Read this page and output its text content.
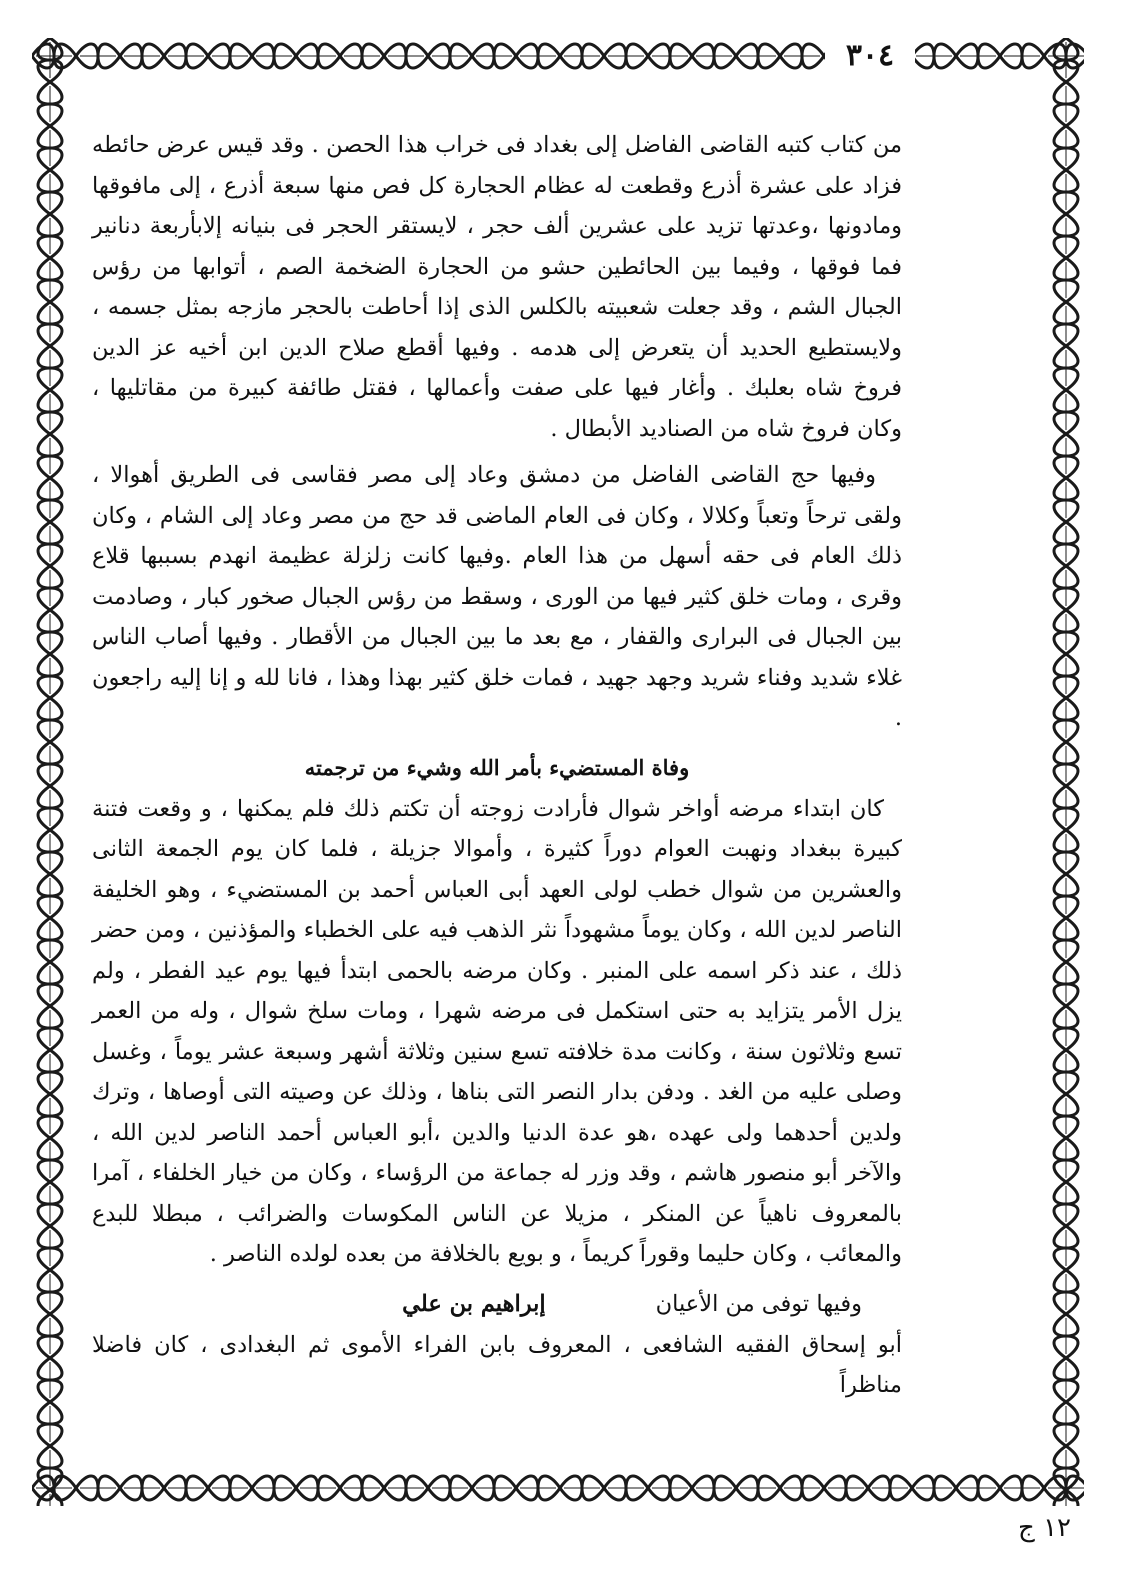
٣٠٤

من كتاب كتبه القاضى الفاضل إلى بغداد فى خراب هذا الحصن . وقد قيس عرض حائطه فزاد على عشرة أذرع وقطعت له عظام الحجارة كل فص منها سبعة أذرع ، إلى مافوقها ومادونها ،وعدتها تزيد على عشرين ألف حجر ، لايستقر الحجر فى بنيانه إلابأربعة دنانير فما فوقها ، وفيما بين الحائطين حشو من الحجارة الضخمة الصم ، أتوابها من رؤس الجبال الشم ، وقد جعلت شعبيته بالكلس الذى إذا أحاطت بالحجر مازجه بمثل جسمه ، ولايستطيع الحديد أن يتعرض إلى هدمه . وفيها أقطع صلاح الدين ابن أخيه عز الدين فروخ شاه بعلبك . وأغار فيها على صفت وأعمالها ، فقتل طائفة كبيرة من مقاتليها ، وكان فروخ شاه من الصناديد الأبطال .

وفيها حج القاضى الفاضل من دمشق وعاد إلى مصر فقاسى فى الطريق أهوالا ، ولقى ترحاً وتعباً وكلالا ، وكان فى العام الماضى قد حج من مصر وعاد إلى الشام ، وكان ذلك العام فى حقه أسهل من هذا العام .وفيها كانت زلزلة عظيمة انهدم بسببها قلاع وقرى ، ومات خلق كثير فيها من الورى ، وسقط من رؤس الجبال صخور كبار ، وصادمت بين الجبال فى البرارى والقفار ، مع بعد ما بين الجبال من الأقطار . وفيها أصاب الناس غلاء شديد وفناء شريد وجهد جهيد ، فمات خلق كثير بهذا وهذا ، فانا لله و إنا إليه راجعون .

وفاة المستضيء بأمر الله وشيء من ترجمته

كان ابتداء مرضه أواخر شوال فأرادت زوجته أن تكتم ذلك فلم يمكنها ، و وقعت فتنة كبيرة ببغداد ونهبت العوام دوراً كثيرة ، وأموالا جزيلة ، فلما كان يوم الجمعة الثانى والعشرين من شوال خطب لولى العهد أبى العباس أحمد بن المستضيء ، وهو الخليفة الناصر لدين الله ، وكان يوماً مشهوداً نثر الذهب فيه على الخطباء والمؤذنين ، ومن حضر ذلك ، عند ذكر اسمه على المنبر . وكان مرضه بالحمى ابتدأ فيها يوم عيد الفطر ، ولم يزل الأمر يتزايد به حتى استكمل فى مرضه شهرا ، ومات سلخ شوال ، وله من العمر تسع وثلاثون سنة ، وكانت مدة خلافته تسع سنين وثلاثة أشهر وسبعة عشر يوماً ، وغسل وصلى عليه من الغد . ودفن بدار النصر التى بناها ، وذلك عن وصيته التى أوصاها ، وترك ولدين أحدهما ولى عهده ،هو عدة الدنيا والدين ،أبو العباس أحمد الناصر لدين الله ، والآخر أبو منصور هاشم ، وقد وزر له جماعة من الرؤساء ، وكان من خيار الخلفاء ، آمرا بالمعروف ناهياً عن المنكر ، مزيلا عن الناس المكوسات والضرائب ، مبطلا للبدع والمعائب ، وكان حليما وقوراً كريماً ، و بويع بالخلافة من بعده لولده الناصر .

وفيها توفى من الأعيان
إبراهيم بن علي

أبو إسحاق الفقيه الشافعى ، المعروف بابن الفراء الأموى ثم البغدادى ، كان فاضلا مناظراً

١٢ ج
